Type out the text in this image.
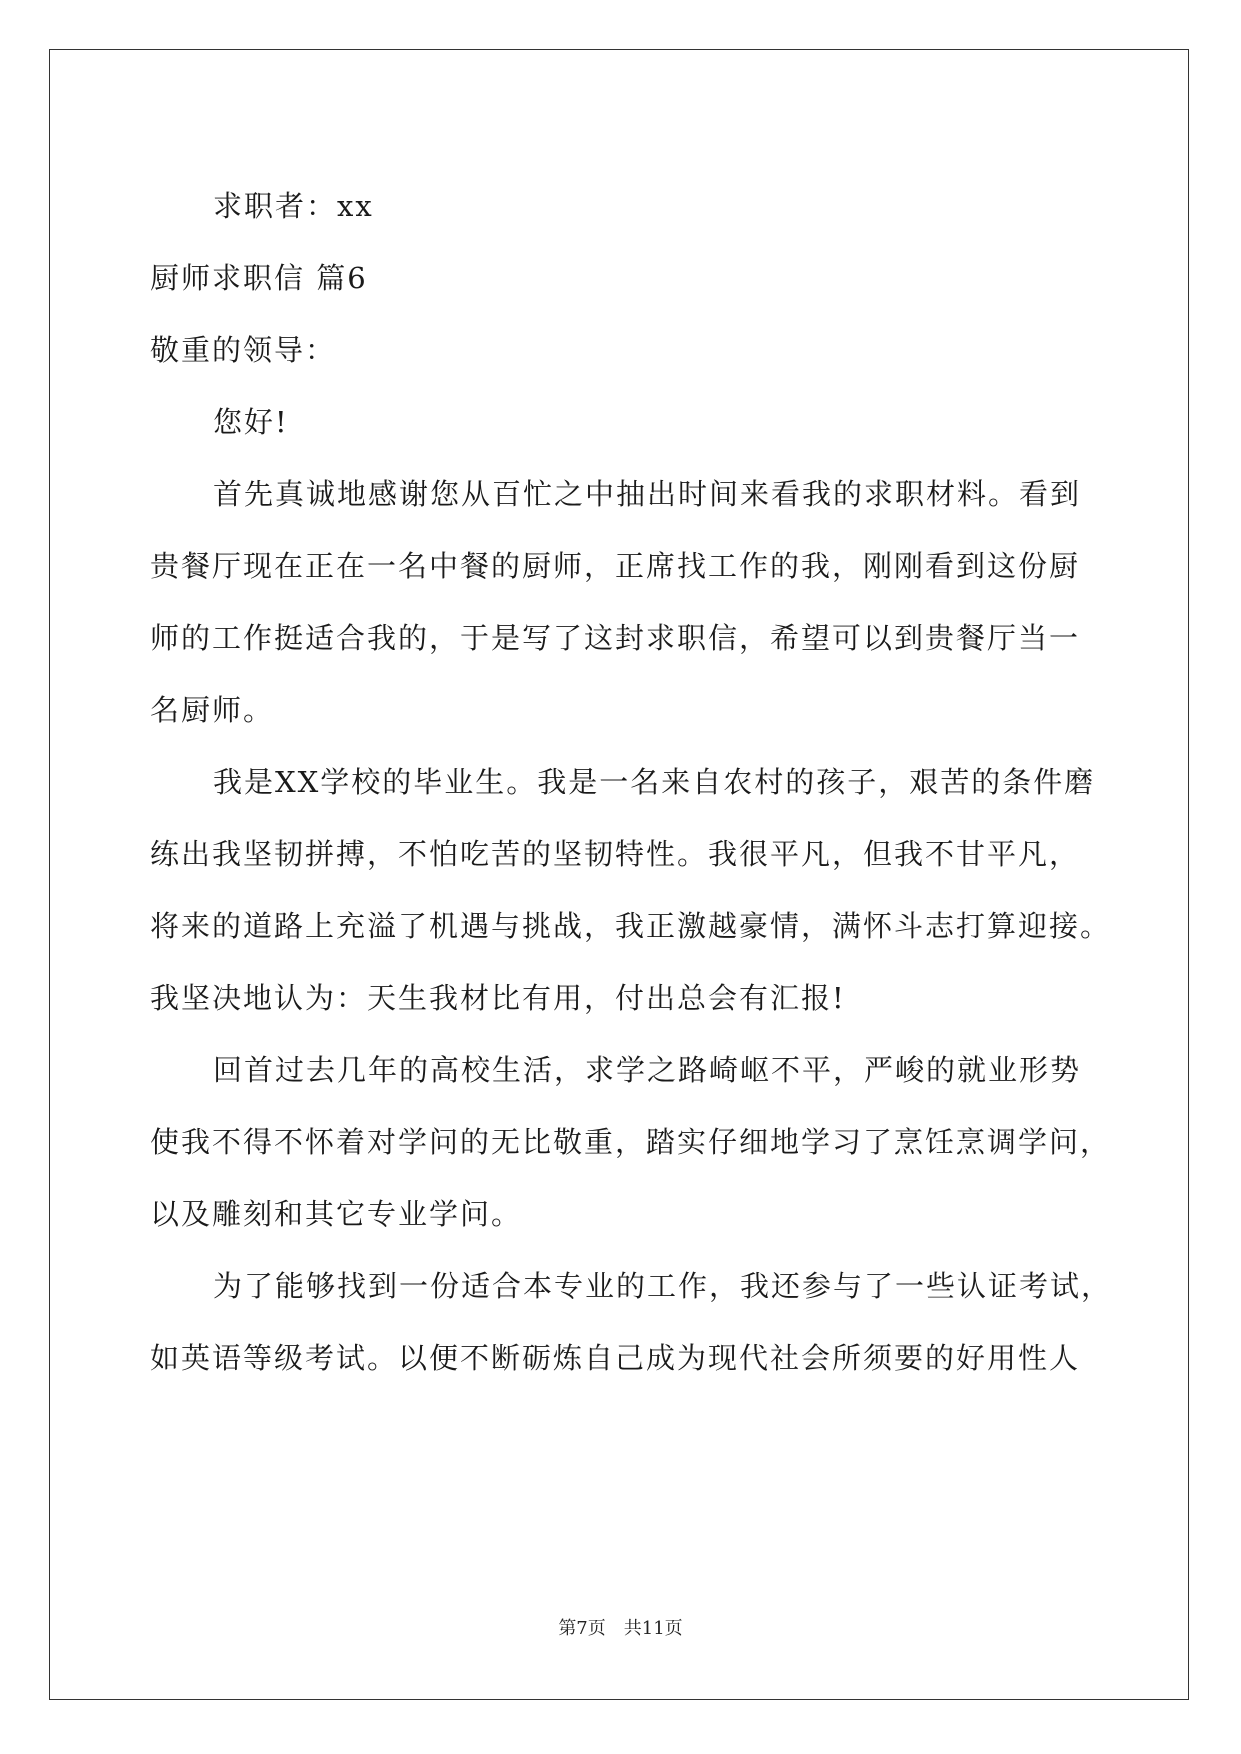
求职者：xx
厨师求职信 篇6
敬重的领导：
您好!
首先真诚地感谢您从百忙之中抽出时间来看我的求职材料。看到
贵餐厅现在正在一名中餐的厨师，正席找工作的我，刚刚看到这份厨
师的工作挺适合我的，于是写了这封求职信，希望可以到贵餐厅当一
名厨师。
我是XX学校的毕业生。我是一名来自农村的孩子，艰苦的条件磨
练出我坚韧拼搏，不怕吃苦的坚韧特性。我很平凡，但我不甘平凡，
将来的道路上充溢了机遇与挑战，我正激越豪情，满怀斗志打算迎接。
我坚决地认为：天生我材比有用，付出总会有汇报!
回首过去几年的高校生活，求学之路崎岖不平，严峻的就业形势
使我不得不怀着对学问的无比敬重，踏实仔细地学习了烹饪烹调学问，
以及雕刻和其它专业学问。
为了能够找到一份适合本专业的工作，我还参与了一些认证考试，
如英语等级考试。以便不断砺炼自己成为现代社会所须要的好用性人
第7页　共11页
